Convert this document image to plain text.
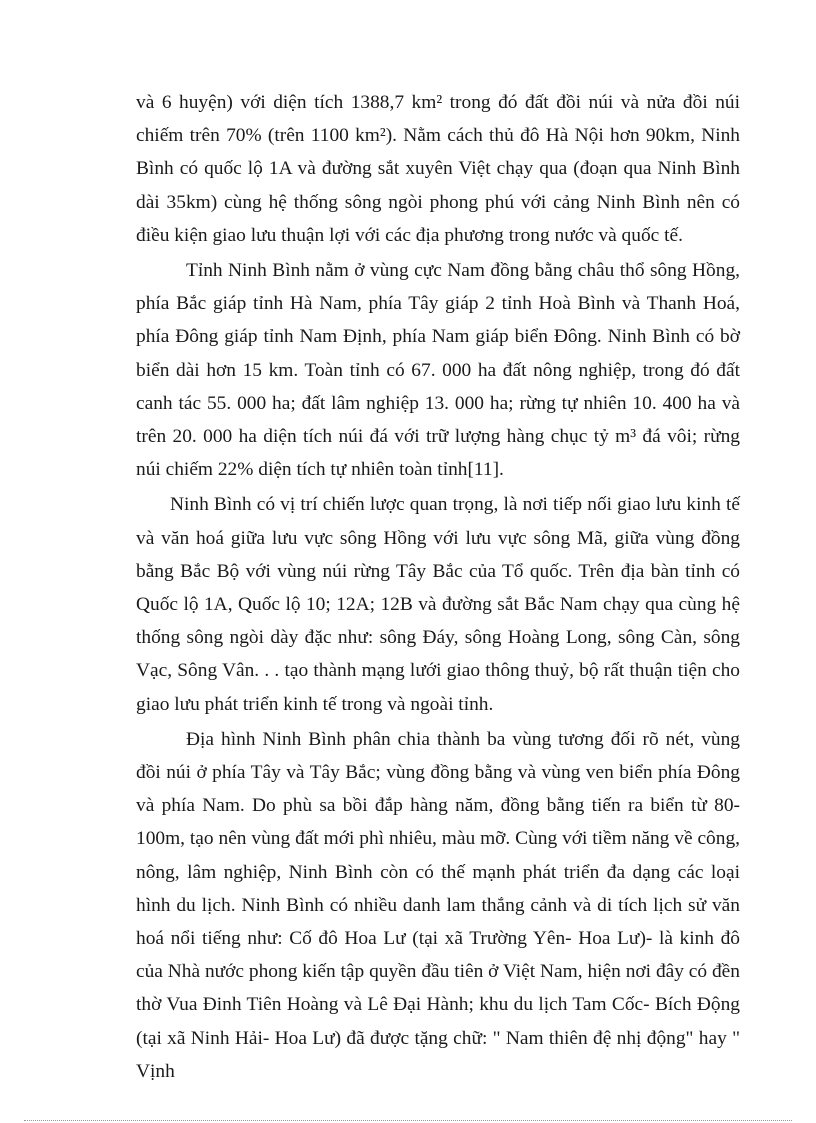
và 6 huyện) với diện tích 1388,7 km² trong đó đất đồi núi và nửa đồi núi chiếm trên 70% (trên 1100 km²). Nằm cách thủ đô Hà Nội hơn 90km, Ninh Bình có quốc lộ 1A và đường sắt xuyên Việt chạy qua (đoạn qua Ninh Bình dài 35km) cùng hệ thống sông ngòi phong phú với cảng Ninh Bình nên có điều kiện giao lưu thuận lợi với các địa phương trong nước và quốc tế.

Tỉnh Ninh Bình nằm ở vùng cực Nam đồng bằng châu thổ sông Hồng, phía Bắc giáp tỉnh Hà Nam, phía Tây giáp 2 tỉnh Hoà Bình và Thanh Hoá, phía Đông giáp tỉnh Nam Định, phía Nam giáp biển Đông. Ninh Bình có bờ biển dài hơn 15 km. Toàn tỉnh có 67. 000 ha đất nông nghiệp, trong đó đất canh tác 55. 000 ha; đất lâm nghiệp 13. 000 ha; rừng tự nhiên 10. 400 ha và trên 20. 000 ha diện tích núi đá với trữ lượng hàng chục tỷ m³ đá vôi; rừng núi chiếm 22% diện tích tự nhiên toàn tỉnh[11].

Ninh Bình có vị trí chiến lược quan trọng, là nơi tiếp nối giao lưu kinh tế và văn hoá giữa lưu vực sông Hồng với lưu vực sông Mã, giữa vùng đồng bằng Bắc Bộ với vùng núi rừng Tây Bắc của Tổ quốc. Trên địa bàn tỉnh có Quốc lộ 1A, Quốc lộ 10; 12A; 12B và đường sắt Bắc Nam chạy qua cùng hệ thống sông ngòi dày đặc như: sông Đáy, sông Hoàng Long, sông Càn, sông Vạc, Sông Vân. . . tạo thành mạng lưới giao thông thuỷ, bộ rất thuận tiện cho giao lưu phát triển kinh tế trong và ngoài tỉnh.

Địa hình Ninh Bình phân chia thành ba vùng tương đối rõ nét, vùng đồi núi ở phía Tây và Tây Bắc; vùng đồng bằng và vùng ven biển phía Đông và phía Nam. Do phù sa bồi đắp hàng năm, đồng bằng tiến ra biển từ 80- 100m, tạo nên vùng đất mới phì nhiêu, màu mỡ. Cùng với tiềm năng về công, nông, lâm nghiệp, Ninh Bình còn có thế mạnh phát triển đa dạng các loại hình du lịch. Ninh Bình có nhiều danh lam thắng cảnh và di tích lịch sử văn hoá nổi tiếng như: Cố đô Hoa Lư (tại xã Trường Yên- Hoa Lư)- là kinh đô của Nhà nước phong kiến tập quyền đầu tiên ở Việt Nam, hiện nơi đây có đền thờ Vua Đinh Tiên Hoàng và Lê Đại Hành; khu du lịch Tam Cốc- Bích Động (tại xã Ninh Hải- Hoa Lư) đã được tặng chữ: " Nam thiên đệ nhị động" hay " Vịnh
